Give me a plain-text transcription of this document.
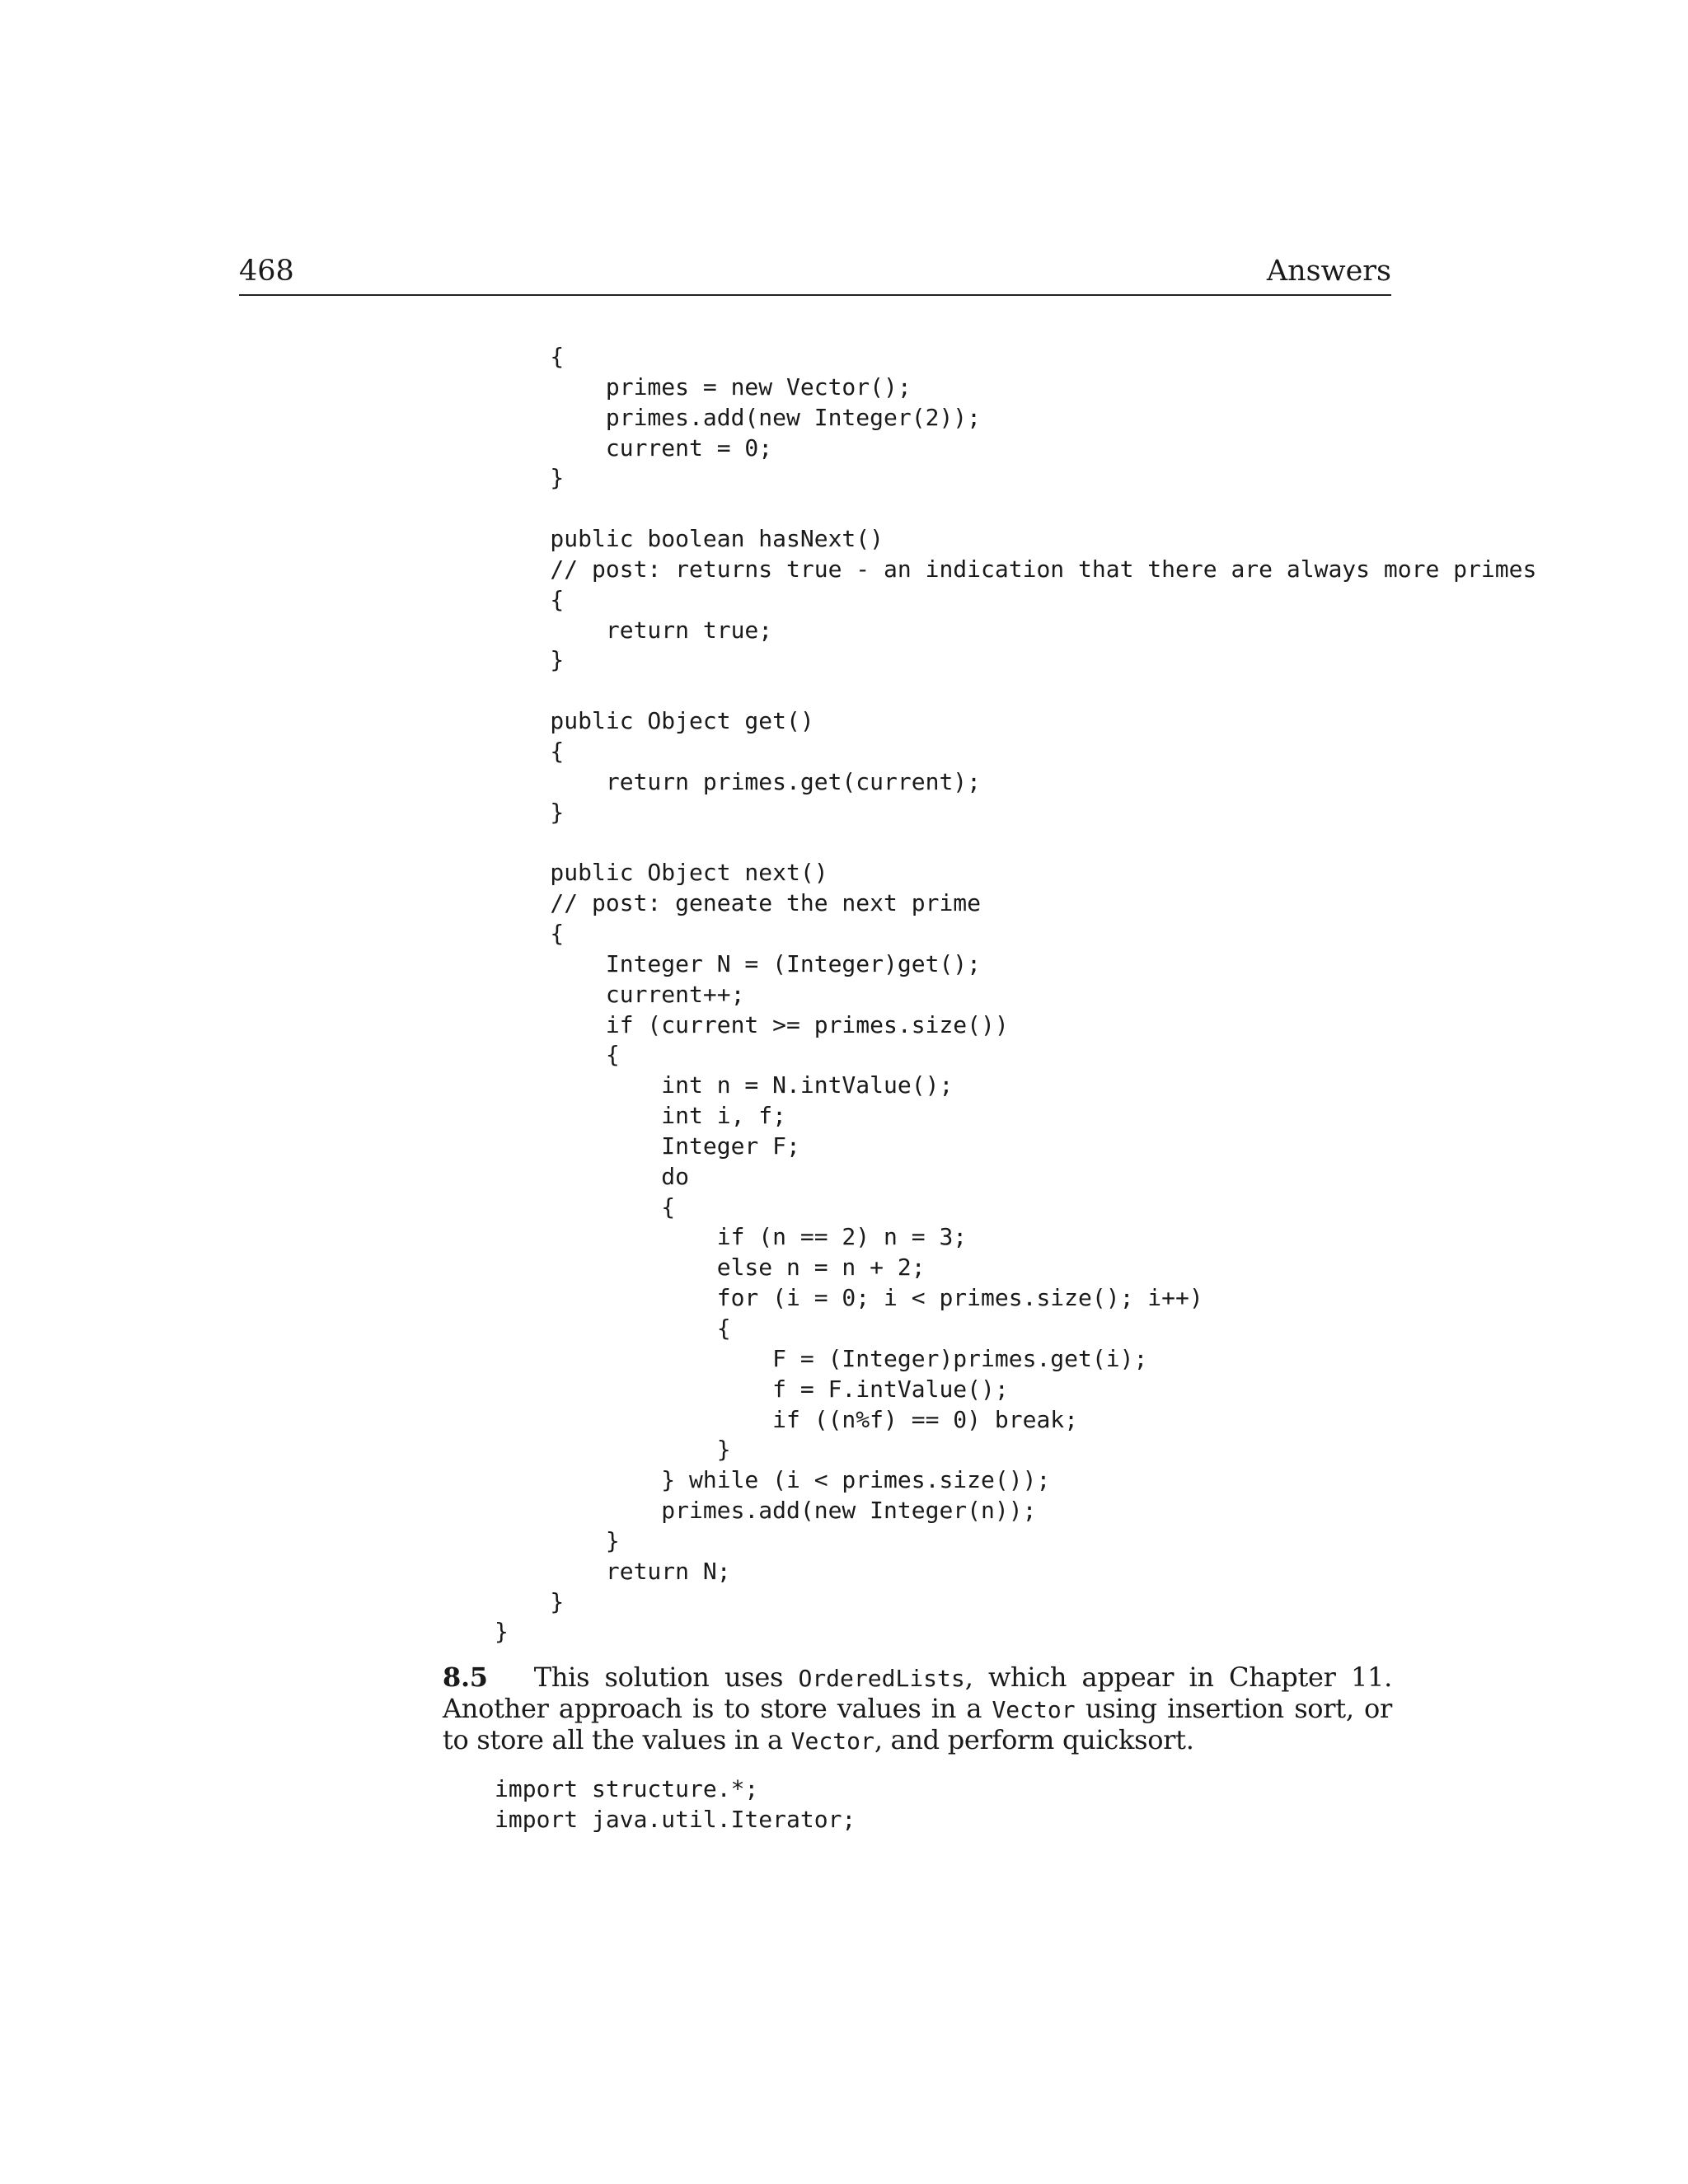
468	Answers
{
primes = new Vector();
primes.add(new Integer(2));
current = 0;
}

public boolean hasNext()
// post: returns true - an indication that there are always more primes
{
return true;
}

public Object get()
{
return primes.get(current);
}

public Object next()
// post: geneate the next prime
{
Integer N = (Integer)get();
current++;
if (current >= primes.size())
{
int n = N.intValue();
int i, f;
Integer F;
do
{
if (n == 2) n = 3;
else n = n + 2;
for (i = 0; i < primes.size(); i++)
{
F = (Integer)primes.get(i);
f = F.intValue();
if ((n%f) == 0) break;
}
} while (i < primes.size());
primes.add(new Integer(n));
}
return N;
}
}
8.5 This solution uses OrderedLists, which appear in Chapter 11. Another approach is to store values in a Vector using insertion sort, or to store all the values in a Vector, and perform quicksort.
import structure.*;
import java.util.Iterator;
